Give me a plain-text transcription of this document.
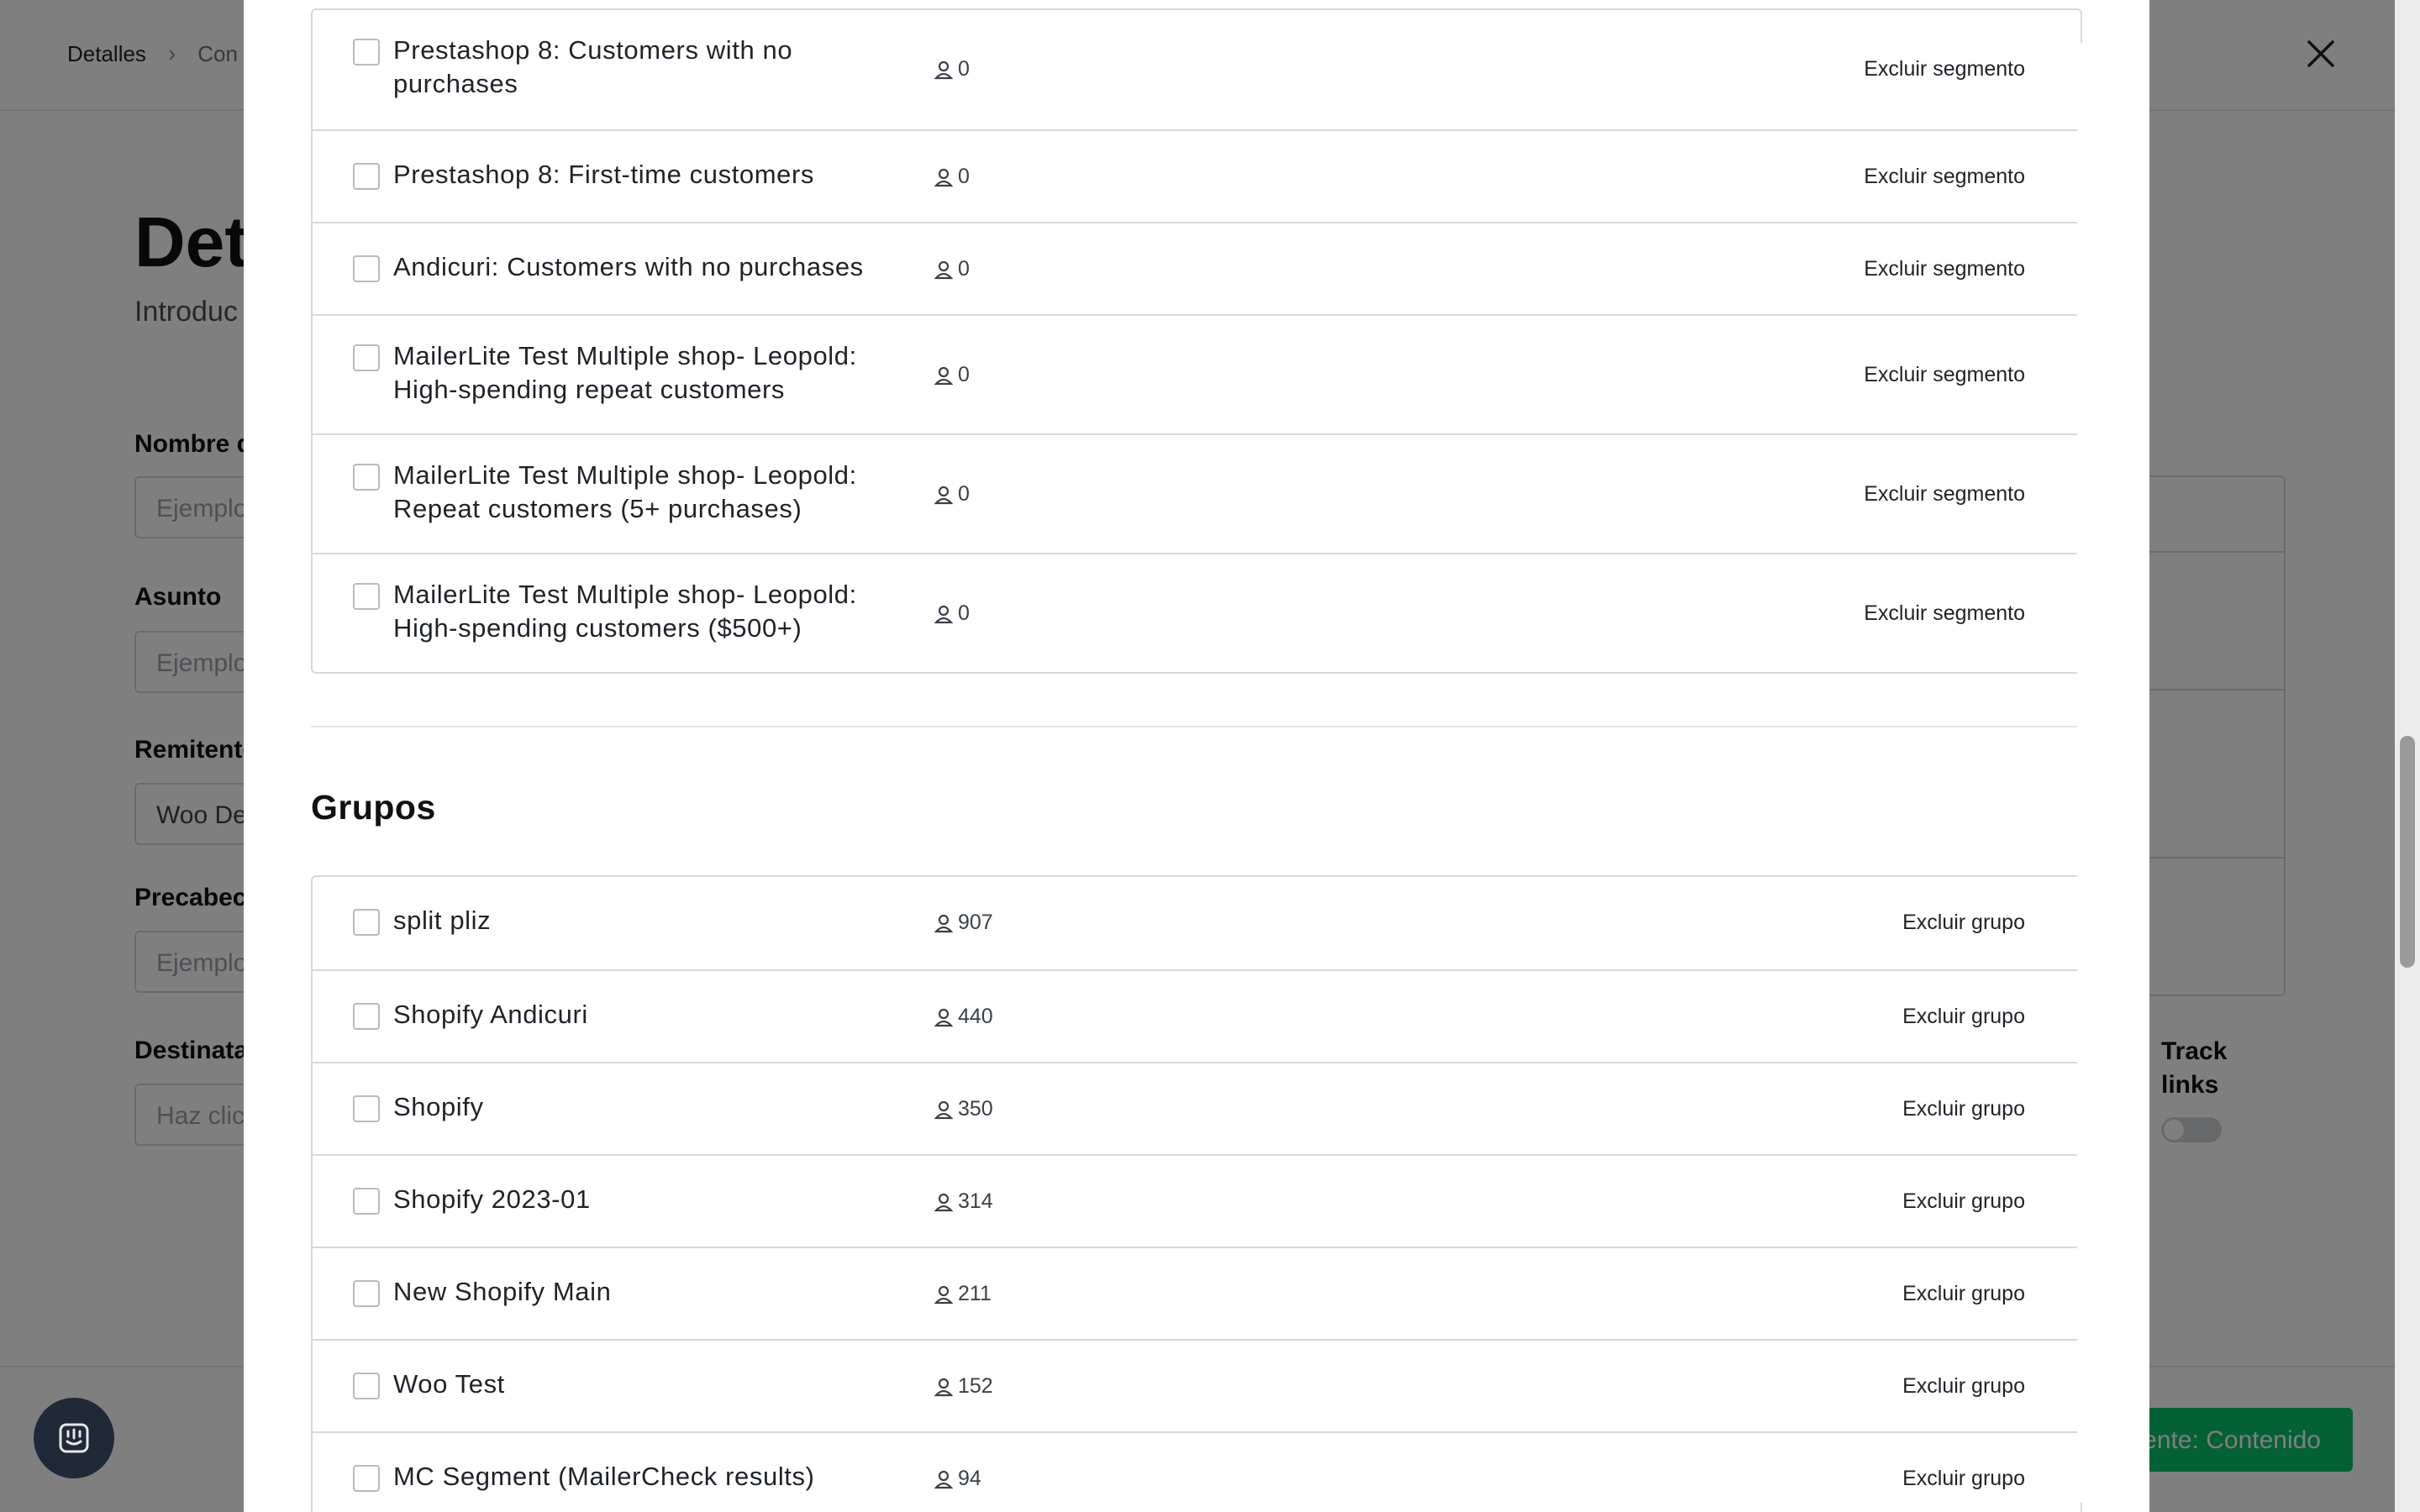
Prestashop 8: Customers with no purchases	0	Excluir segmento
Prestashop 8: First-time customers	0	Excluir segmento
Andicuri: Customers with no purchases	0	Excluir segmento
MailerLite Test Multiple shop- Leopold: High-spending repeat customers	0	Excluir segmento
MailerLite Test Multiple shop- Leopold: Repeat customers (5+ purchases)	0	Excluir segmento
MailerLite Test Multiple shop- Leopold: High-spending customers ($500+)	0	Excluir segmento
Grupos
split pliz	907	Excluir grupo
Shopify Andicuri	440	Excluir grupo
Shopify	350	Excluir grupo
Shopify 2023-01	314	Excluir grupo
New Shopify Main	211	Excluir grupo
Woo Test	152	Excluir grupo
MC Segment (MailerCheck results)	94	Excluir grupo
